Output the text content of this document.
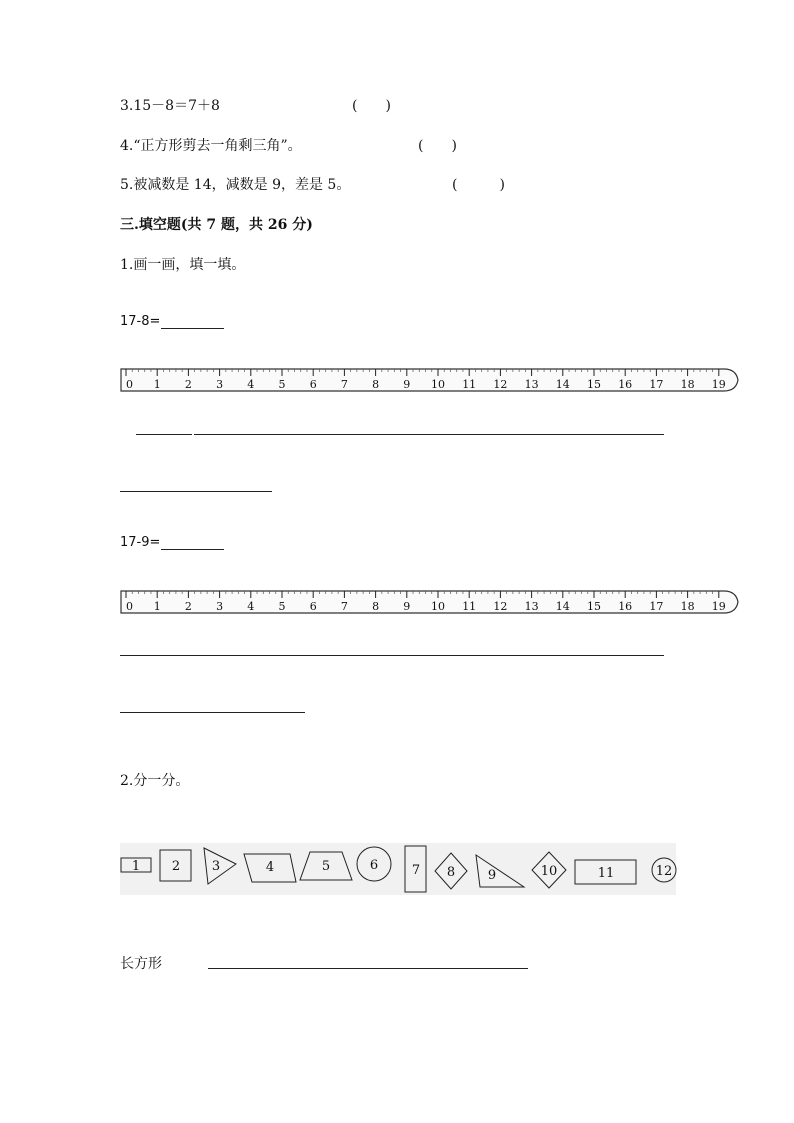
3.15－8＝7＋8	(　　)
4.“正方形剪去一角剩三角”。	(　　)
5.被减数是 14，减数是 9，差是 5。	(　　　)
三.填空题(共 7 题，共 26 分)
1.画一画，填一填。
17-8=
0 1 2 3 4 5 6 7 8 9 10 11 12 13 14 15 16 17 18 19
17-9=
0 1 2 3 4 5 6 7 8 9 10 11 12 13 14 15 16 17 18 19
2.分一分。
1 2 3	4	5	6	7 8	9	10	11	12
长方形
